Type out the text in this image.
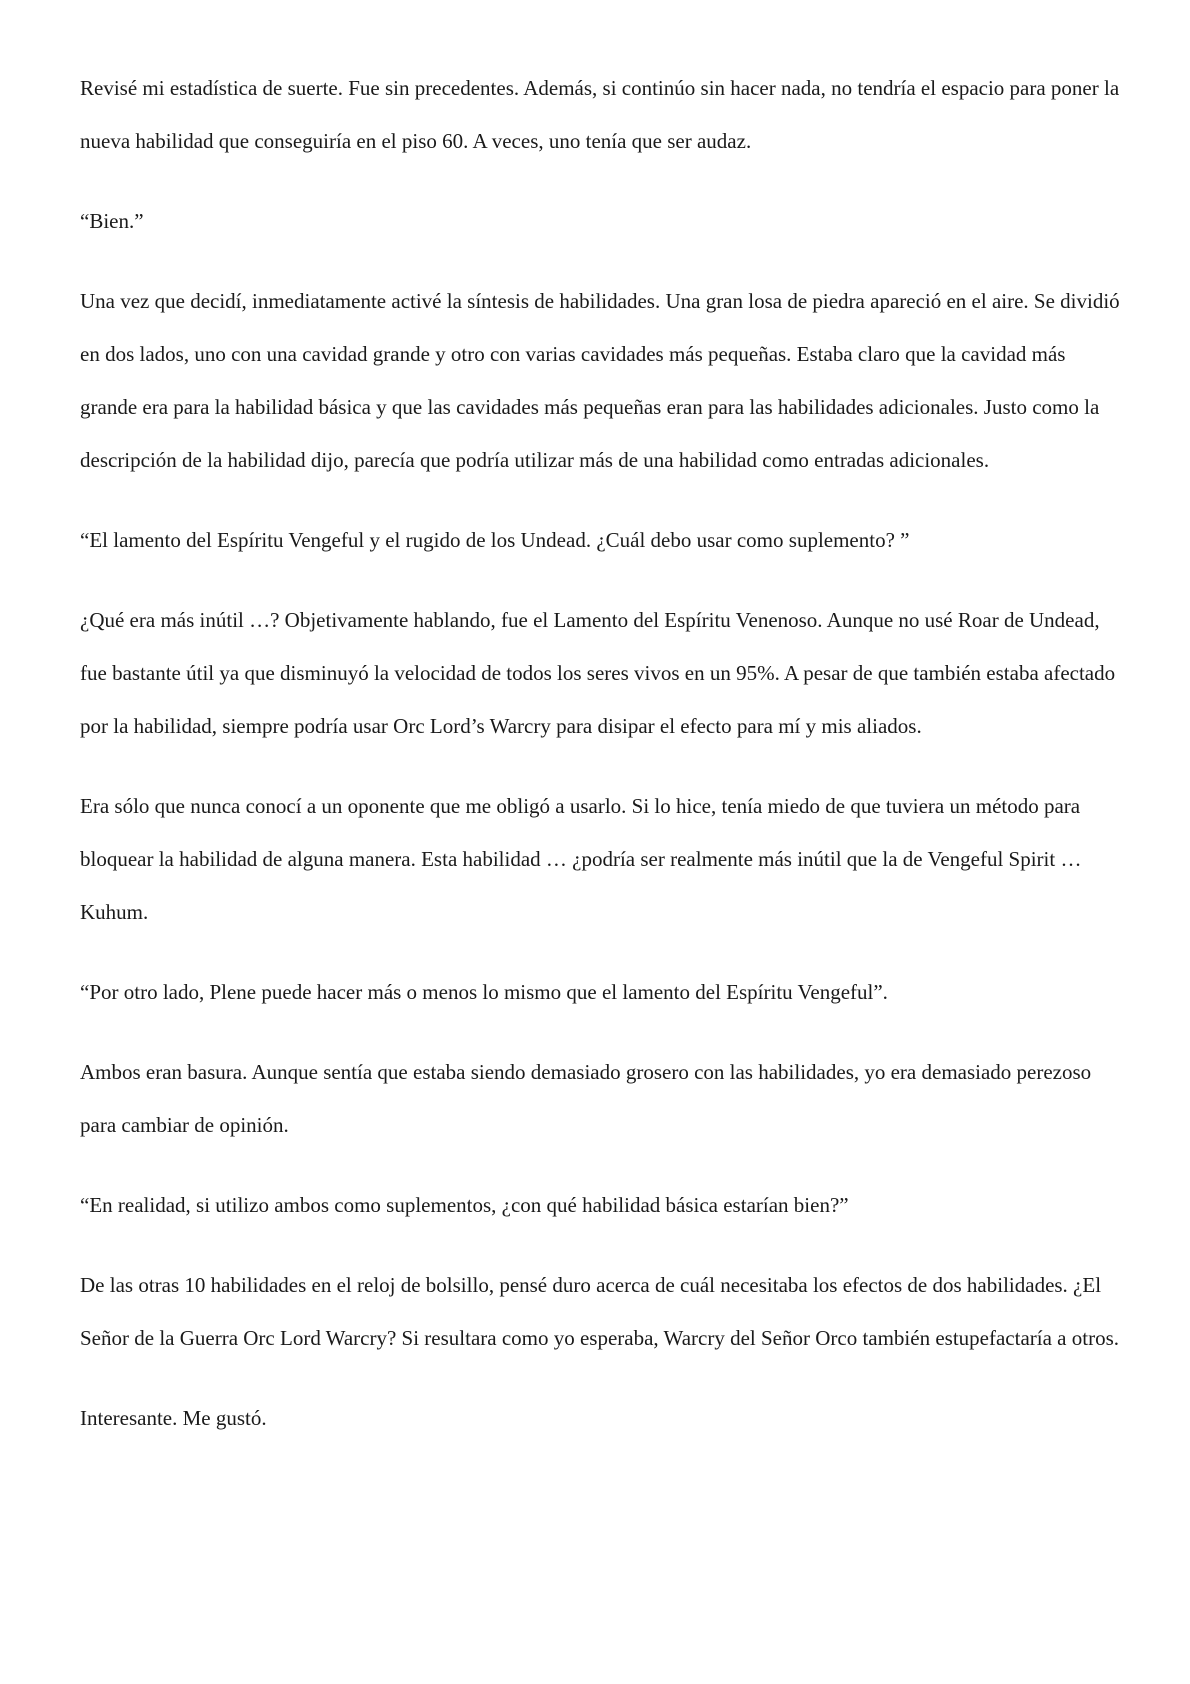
Revisé mi estadística de suerte. Fue sin precedentes. Además, si continúo sin hacer nada, no tendría el espacio para poner la nueva habilidad que conseguiría en el piso 60. A veces, uno tenía que ser audaz.

“Bien.”

Una vez que decidí, inmediatamente activé la síntesis de habilidades. Una gran losa de piedra apareció en el aire. Se dividió en dos lados, uno con una cavidad grande y otro con varias cavidades más pequeñas. Estaba claro que la cavidad más grande era para la habilidad básica y que las cavidades más pequeñas eran para las habilidades adicionales. Justo como la descripción de la habilidad dijo, parecía que podría utilizar más de una habilidad como entradas adicionales.

“El lamento del Espíritu Vengeful y el rugido de los Undead. ¿Cuál debo usar como suplemento? ”

¿Qué era más inútil …? Objetivamente hablando, fue el Lamento del Espíritu Venenoso. Aunque no usé Roar de Undead, fue bastante útil ya que disminuyó la velocidad de todos los seres vivos en un 95%. A pesar de que también estaba afectado por la habilidad, siempre podría usar Orc Lord’s Warcry para disipar el efecto para mí y mis aliados.

Era sólo que nunca conocí a un oponente que me obligó a usarlo. Si lo hice, tenía miedo de que tuviera un método para bloquear la habilidad de alguna manera. Esta habilidad … ¿podría ser realmente más inútil que la de Vengeful Spirit … Kuhum.

“Por otro lado, Plene puede hacer más o menos lo mismo que el lamento del Espíritu Vengeful”.

Ambos eran basura. Aunque sentía que estaba siendo demasiado grosero con las habilidades, yo era demasiado perezoso para cambiar de opinión.

“En realidad, si utilizo ambos como suplementos, ¿con qué habilidad básica estarían bien?”

De las otras 10 habilidades en el reloj de bolsillo, pensé duro acerca de cuál necesitaba los efectos de dos habilidades. ¿El Señor de la Guerra Orc Lord Warcry? Si resultara como yo esperaba, Warcry del Señor Orco también estupefactaría a otros.

Interesante. Me gustó.
